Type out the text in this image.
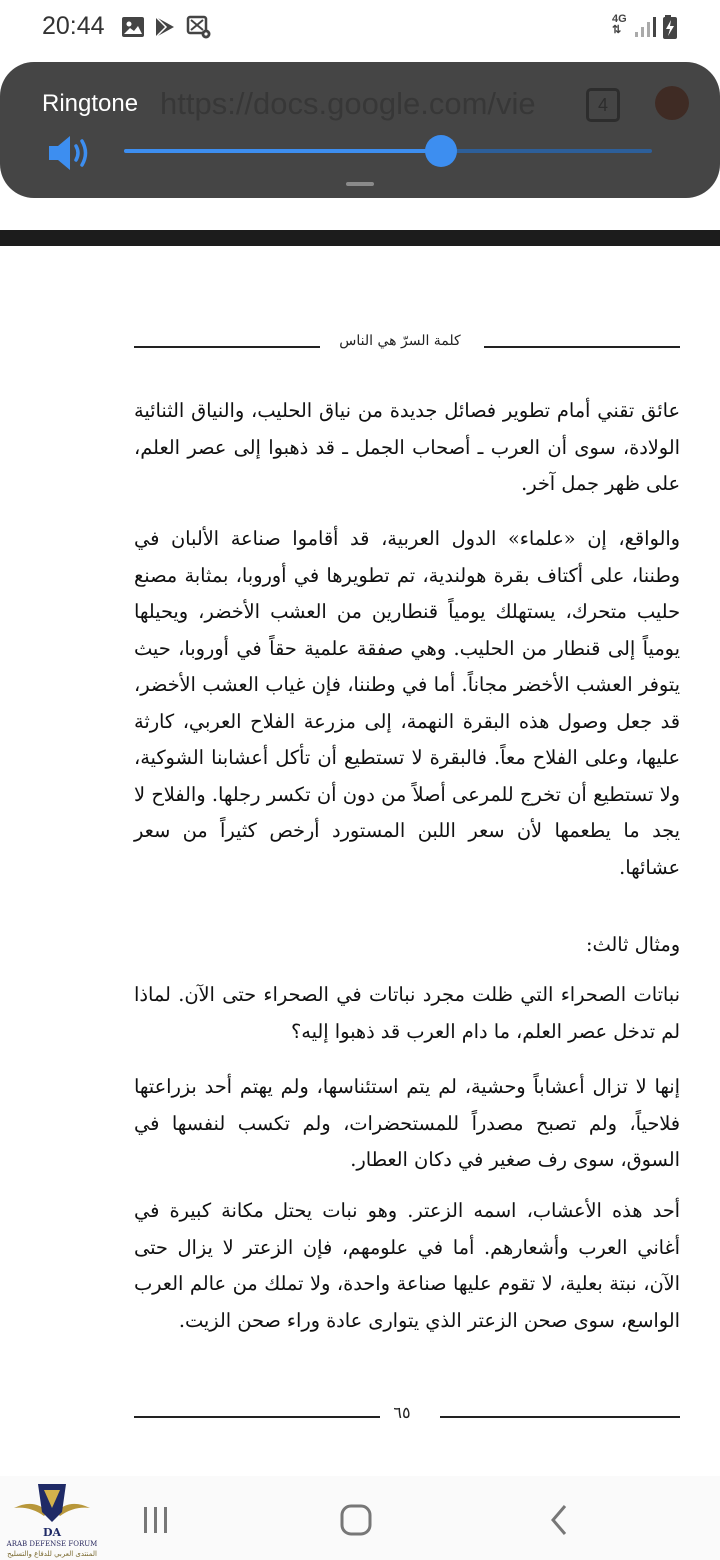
20:44	4G
⇅
Ringtone
كلمة السرّ هي الناس
عائق تقني أمام تطوير فصائل جديدة من نياق الحليب، والنياق الثنائية الولادة، سوى أن العرب ـ أصحاب الجمل ـ قد ذهبوا إلى عصر العلم، على ظهر جمل آخر.
والواقع، إن «علماء» الدول العربية، قد أقاموا صناعة الألبان في وطننا، على أكتاف بقرة هولندية، تم تطويرها في أوروبا، بمثابة مصنع حليب متحرك، يستهلك يومياً قنطارين من العشب الأخضر، ويحيلها يومياً إلى قنطار من الحليب. وهي صفقة علمية حقاً في أوروبا، حيث يتوفر العشب الأخضر مجاناً. أما في وطننا، فإن غياب العشب الأخضر، قد جعل وصول هذه البقرة النهمة، إلى مزرعة الفلاح العربي، كارثة عليها، وعلى الفلاح معاً. فالبقرة لا تستطيع أن تأكل أعشابنا الشوكية، ولا تستطيع أن تخرج للمرعى أصلاً من دون أن تكسر رجلها. والفلاح لا يجد ما يطعمها لأن سعر اللبن المستورد أرخص كثيراً من سعر عشائها.
ومثال ثالث:
نباتات الصحراء التي ظلت مجرد نباتات في الصحراء حتى الآن. لماذا لم تدخل عصر العلم، ما دام العرب قد ذهبوا إليه؟
إنها لا تزال أعشاباً وحشية، لم يتم استئناسها، ولم يهتم أحد بزراعتها فلاحياً، ولم تصبح مصدراً للمستحضرات، ولم تكسب لنفسها في السوق، سوى رف صغير في دكان العطار.
أحد هذه الأعشاب، اسمه الزعتر. وهو نبات يحتل مكانة كبيرة في أغاني العرب وأشعارهم. أما في علومهم، فإن الزعتر لا يزال حتى الآن، نبتة بعلية، لا تقوم عليها صناعة واحدة، ولا تملك من عالم العرب الواسع، سوى صحن الزعتر الذي يتوارى عادة وراء صحن الزيت.
٦٥
DA
ARAB DEFENSE FORUM
المنتدى العربي للدفاع والتسليح
